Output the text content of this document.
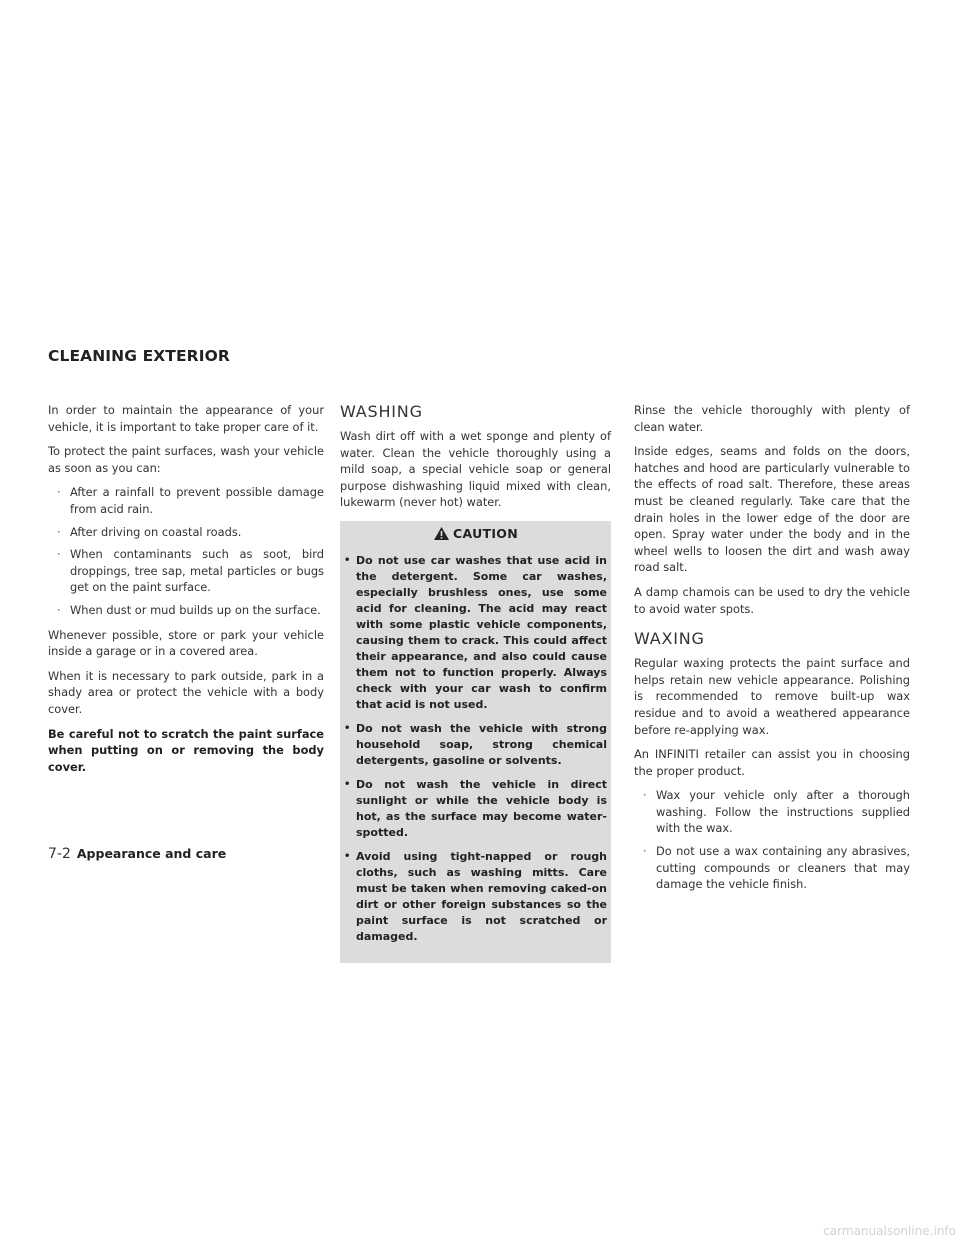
CLEANING EXTERIOR

In order to maintain the appearance of your vehicle, it is important to take proper care of it.

To protect the paint surfaces, wash your vehicle as soon as you can:

· After a rainfall to prevent possible damage from acid rain.
· After driving on coastal roads.
· When contaminants such as soot, bird droppings, tree sap, metal particles or bugs get on the paint surface.
· When dust or mud builds up on the surface.

Whenever possible, store or park your vehicle inside a garage or in a covered area.

When it is necessary to park outside, park in a shady area or protect the vehicle with a body cover.

Be careful not to scratch the paint surface when putting on or removing the body cover.

WASHING

Wash dirt off with a wet sponge and plenty of water. Clean the vehicle thoroughly using a mild soap, a special vehicle soap or general purpose dishwashing liquid mixed with clean, lukewarm (never hot) water.

CAUTION
• Do not use car washes that use acid in the detergent. Some car washes, especially brushless ones, use some acid for cleaning. The acid may react with some plastic vehicle components, causing them to crack. This could affect their appearance, and also could cause them not to function properly. Always check with your car wash to confirm that acid is not used.
• Do not wash the vehicle with strong household soap, strong chemical detergents, gasoline or solvents.
• Do not wash the vehicle in direct sunlight or while the vehicle body is hot, as the surface may become water-spotted.
• Avoid using tight-napped or rough cloths, such as washing mitts. Care must be taken when removing caked-on dirt or other foreign substances so the paint surface is not scratched or damaged.

Rinse the vehicle thoroughly with plenty of clean water.

Inside edges, seams and folds on the doors, hatches and hood are particularly vulnerable to the effects of road salt. Therefore, these areas must be cleaned regularly. Take care that the drain holes in the lower edge of the door are open. Spray water under the body and in the wheel wells to loosen the dirt and wash away road salt.

A damp chamois can be used to dry the vehicle to avoid water spots.

WAXING

Regular waxing protects the paint surface and helps retain new vehicle appearance. Polishing is recommended to remove built-up wax residue and to avoid a weathered appearance before re-applying wax.

An INFINITI retailer can assist you in choosing the proper product.

· Wax your vehicle only after a thorough washing. Follow the instructions supplied with the wax.
· Do not use a wax containing any abrasives, cutting compounds or cleaners that may damage the vehicle finish.
7-2 Appearance and care
carmanualsonline.info
